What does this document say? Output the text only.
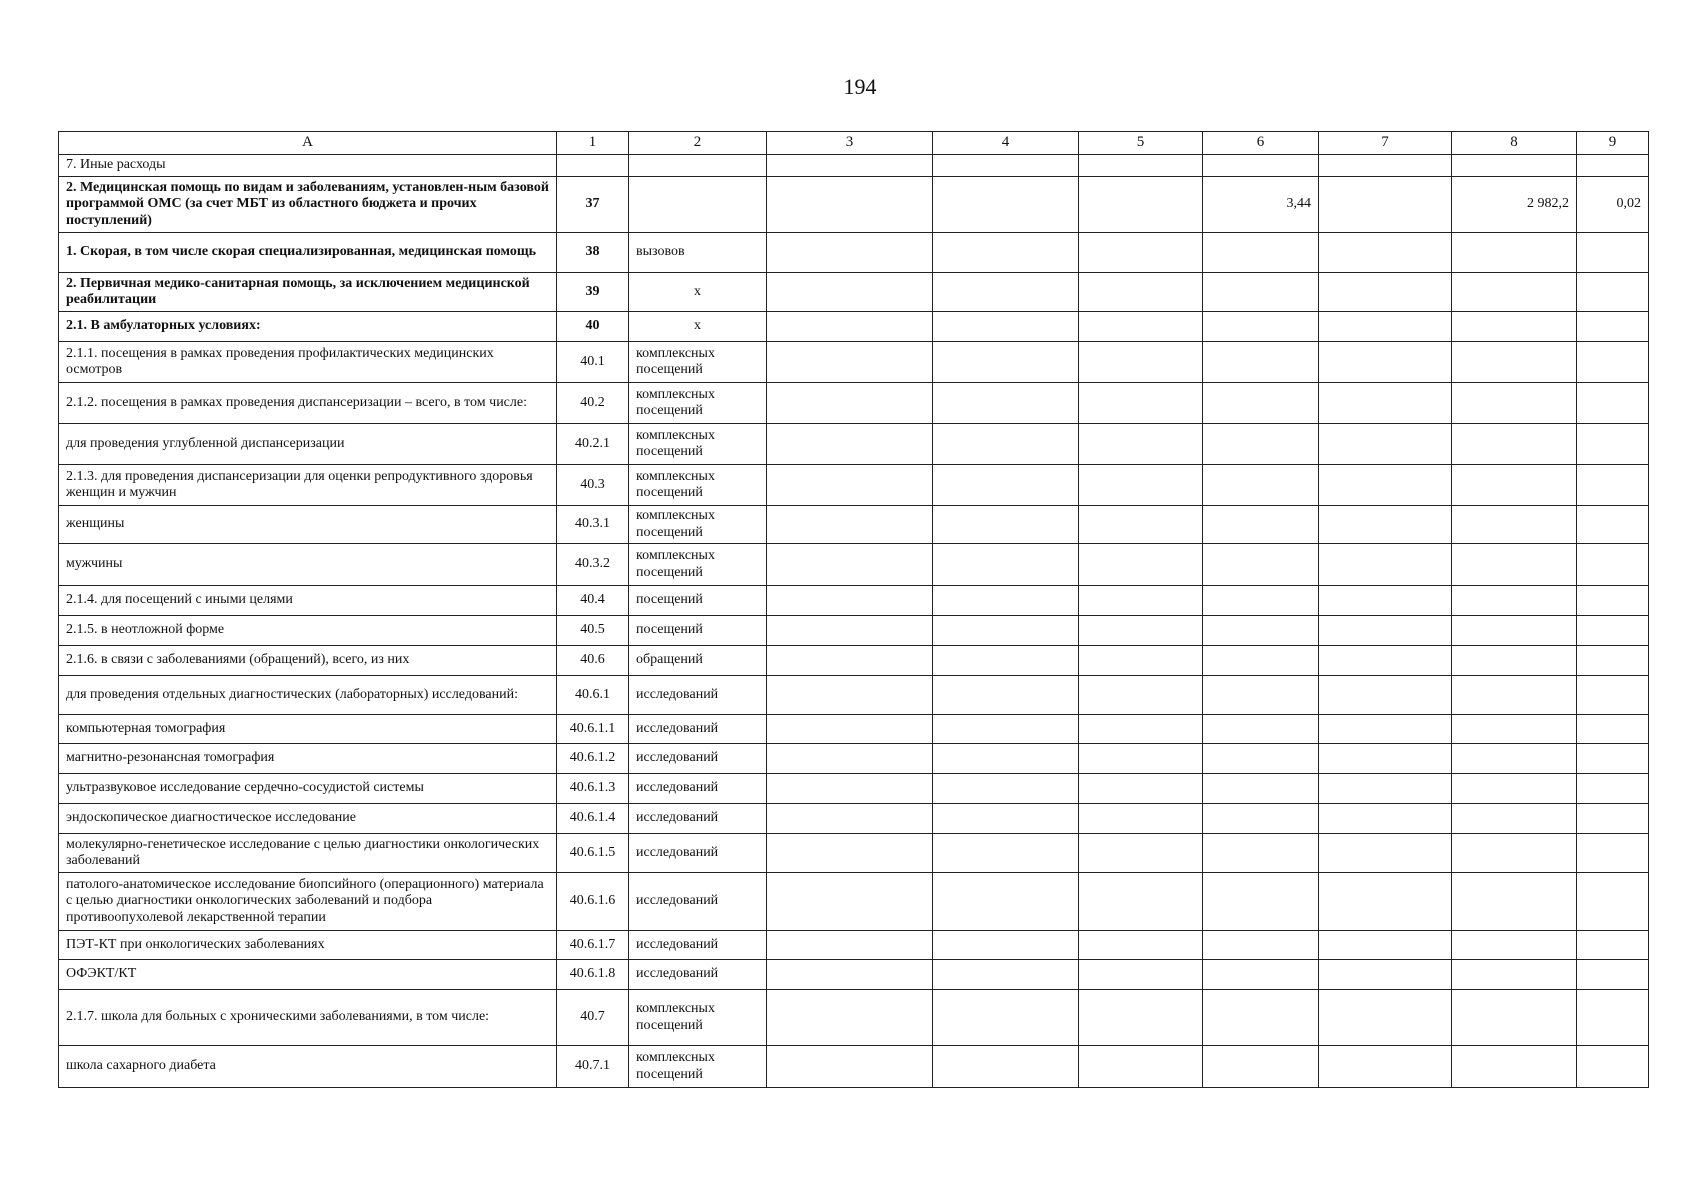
194
А	1	2	3	4	5	6	7	8	9
7. Иные расходы									
2. Медицинская помощь по видам и заболеваниям, установлен-ным базовой программой ОМС (за счет МБТ из областного бюджета и прочих поступлений)	37					3,44		2 982,2	0,02
1. Скорая, в том числе скорая специализированная, медицинская помощь	38	вызовов							
2. Первичная медико-санитарная помощь, за исключением медицинской реабилитации	39	х							
2.1. В амбулаторных условиях:	40	х							
2.1.1. посещения в рамках проведения профилактических медицинских осмотров	40.1	комплексных посещений							
2.1.2. посещения в рамках проведения диспансеризации – всего, в том числе:	40.2	комплексных посещений							
для проведения углубленной диспансеризации	40.2.1	комплексных посещений							
2.1.3. для проведения диспансеризации для оценки репродуктивного здоровья женщин и мужчин	40.3	комплексных посещений							
женщины	40.3.1	комплексных посещений							
мужчины	40.3.2	комплексных посещений							
2.1.4. для посещений с иными целями	40.4	посещений							
2.1.5. в неотложной форме	40.5	посещений							
2.1.6. в связи с заболеваниями (обращений), всего, из них	40.6	обращений							
для проведения отдельных диагностических (лабораторных) исследований:	40.6.1	исследований							
компьютерная томография	40.6.1.1	исследований							
магнитно-резонансная томография	40.6.1.2	исследований							
ультразвуковое исследование сердечно-сосудистой системы	40.6.1.3	исследований							
эндоскопическое диагностическое исследование	40.6.1.4	исследований							
молекулярно-генетическое исследование с целью диагностики онкологических заболеваний	40.6.1.5	исследований							
патолого-анатомическое исследование биопсийного (операционного) материала с целью диагностики онкологических заболеваний и подбора противоопухолевой лекарственной терапии	40.6.1.6	исследований							
ПЭТ-КТ при онкологических заболеваниях	40.6.1.7	исследований							
ОФЭКТ/КТ	40.6.1.8	исследований							
2.1.7. школа для больных с хроническими заболеваниями, в том числе:	40.7	комплексных посещений							
школа сахарного диабета	40.7.1	комплексных посещений							
